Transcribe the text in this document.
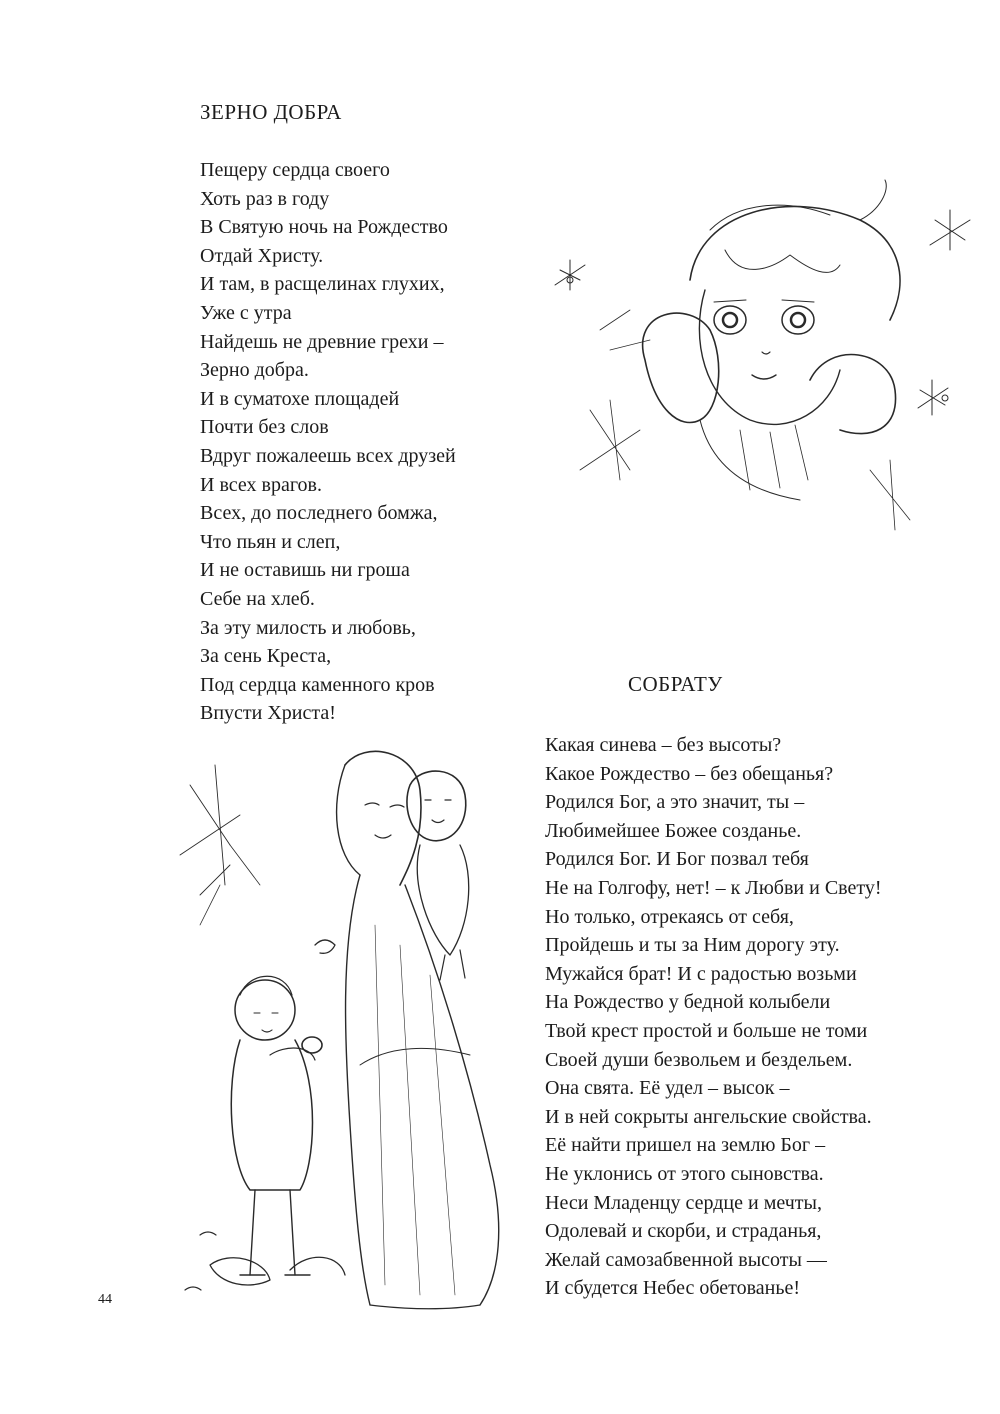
ЗЕРНО ДОБРА
Пещеру сердца своего
Хоть раз в году
В Святую ночь на Рождество
Отдай Христу.
И там, в расщелинах глухих,
Уже с утра
Найдешь не древние грехи –
Зерно добра.
И в суматохе площадей
Почти без слов
Вдруг пожалеешь всех друзей
И всех врагов.
Всех, до последнего бомжа,
Что пьян и слеп,
И не оставишь ни гроша
Себе на хлеб.
За эту милость и любовь,
За сень Креста,
Под сердца каменного кров
Впусти Христа!
СОБРАТУ
Какая синева – без высоты?
Какое Рождество – без обещанья?
Родился Бог, а это значит, ты –
Любимейшее Божее созданье.
Родился Бог. И Бог позвал тебя
Не на Голгофу, нет! – к Любви и Свету!
Но только, отрекаясь от себя,
Пройдешь и ты за Ним дорогу эту.
Мужайся брат! И с радостью возьми
На Рождество у бедной колыбели
Твой крест простой и больше не томи
Своей души безвольем и бездельем.
Она свята. Её удел – высок –
И в ней сокрыты ангельские свойства.
Её найти пришел на землю Бог –
Не уклонись от этого сыновства.
Неси Младенцу сердце и мечты,
Одолевай и скорби, и страданья,
Желай самозабвенной высоты —
И сбудется Небес обетованье!
44
